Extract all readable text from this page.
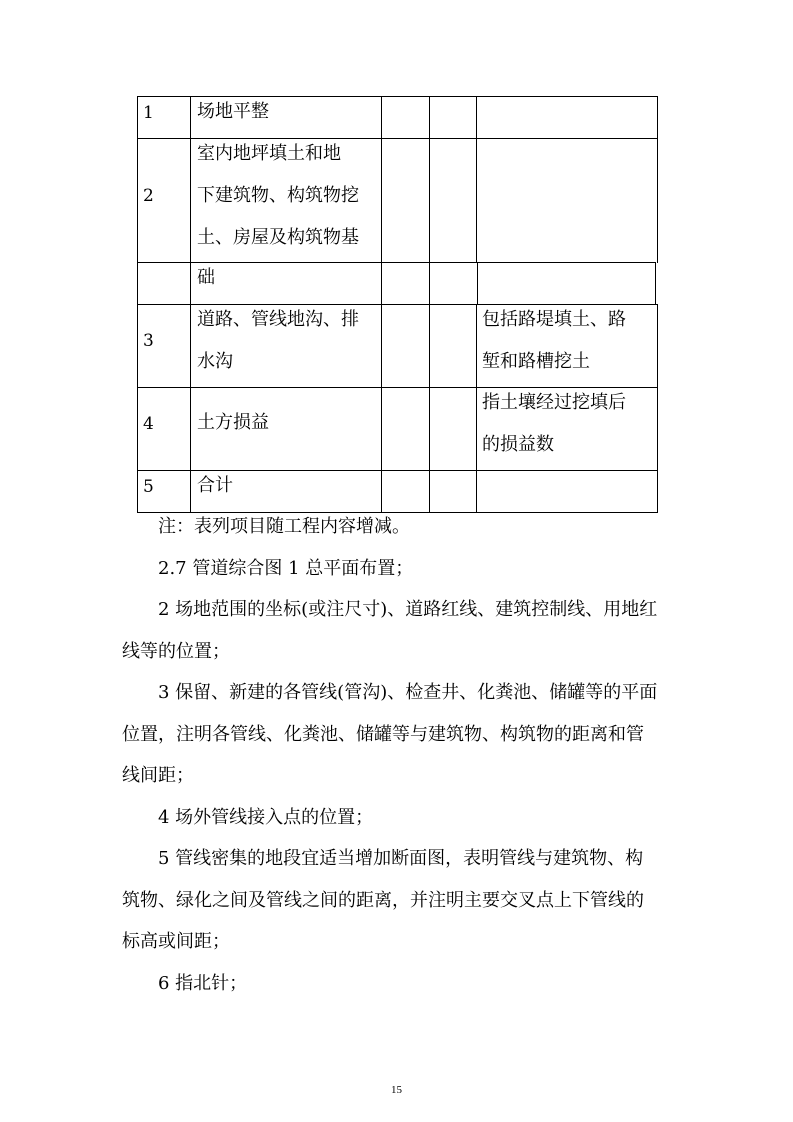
1 场地平整
2
室内地坪填土和地
下建筑物、构筑物挖
土、房屋及构筑物基
础
3
道路、管线地沟、排
水沟
包括路堤填土、路
堑和路槽挖土
4 土方损益
指土壤经过挖填后
的损益数
5 合计
注：表列项目随工程内容增减。
2.7 管道综合图 1 总平面布置；
2 场地范围的坐标(或注尺寸)、道路红线、建筑控制线、用地红
线等的位置；
3 保留、新建的各管线(管沟)、检查井、化粪池、储罐等的平面
位置，注明各管线、化粪池、储罐等与建筑物、构筑物的距离和管
线间距；
4 场外管线接入点的位置；
5 管线密集的地段宜适当增加断面图，表明管线与建筑物、构
筑物、绿化之间及管线之间的距离，并注明主要交叉点上下管线的
标高或间距；
6 指北针；
15
